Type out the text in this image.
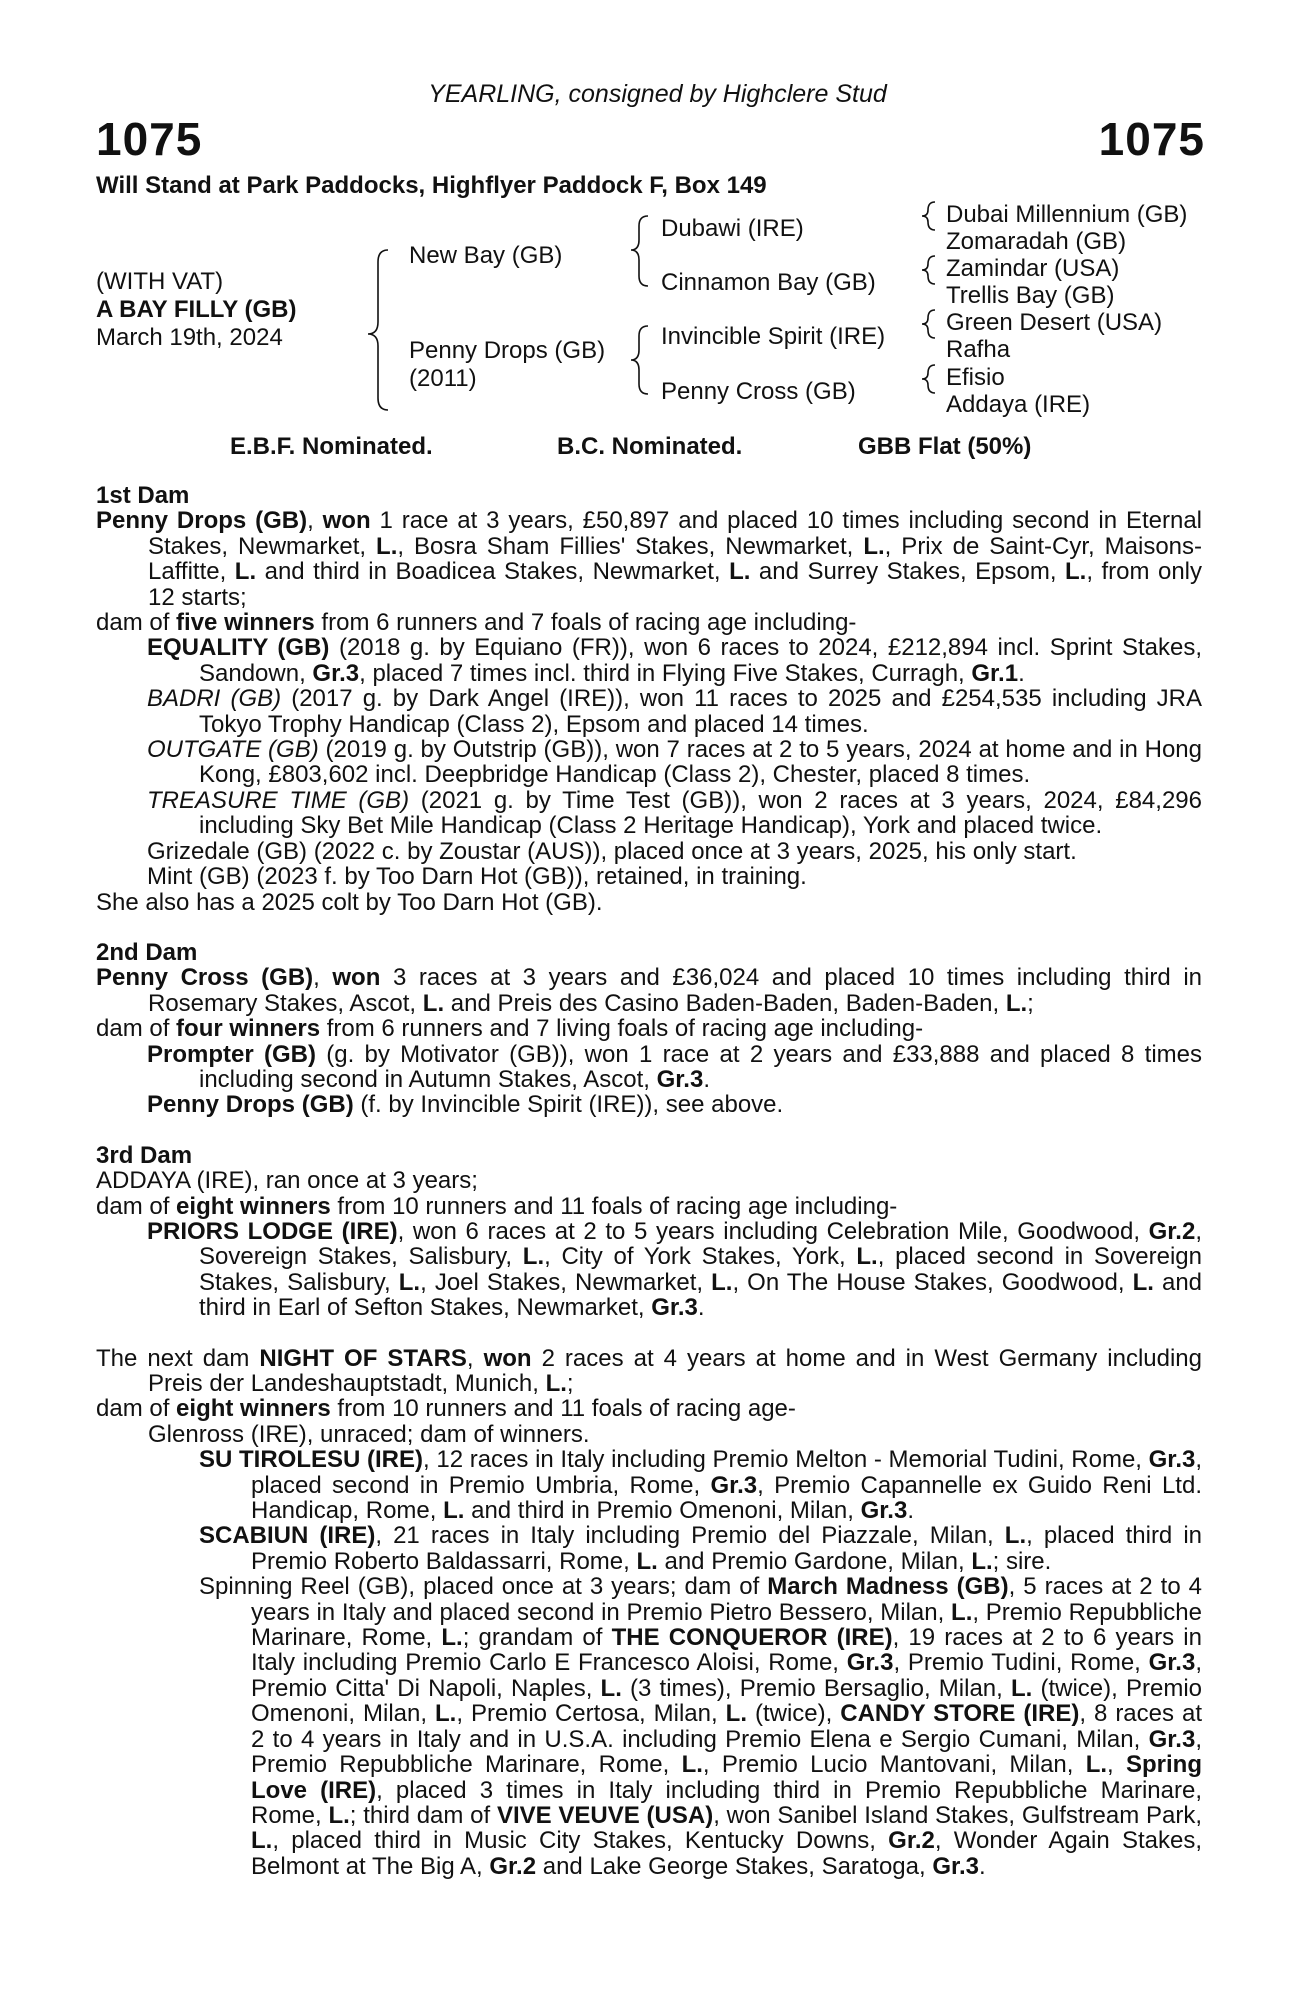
YEARLING, consigned by Highclere Stud
1075	1075
Will Stand at Park Paddocks, Highflyer Paddock F, Box 149
(WITH VAT)
A BAY FILLY (GB)
March 19th, 2024
New Bay (GB)
Penny Drops (GB)
(2011)
Dubawi (IRE)
Cinnamon Bay (GB)
Invincible Spirit (IRE)
Penny Cross (GB)
Dubai Millennium (GB)
Zomaradah (GB)
Zamindar (USA)
Trellis Bay (GB)
Green Desert (USA)
Rafha
Efisio
Addaya (IRE)
E.B.F. Nominated.	B.C. Nominated.	GBB Flat (50%)

1st Dam

Penny Drops (GB), won 1 race at 3 years, £50,897 and placed 10 times including second in Eternal Stakes, Newmarket, L., Bosra Sham Fillies' Stakes, Newmarket, L., Prix de Saint-Cyr, Maisons-Laffitte, L. and third in Boadicea Stakes, Newmarket, L. and Surrey Stakes, Epsom, L., from only 12 starts;

dam of five winners from 6 runners and 7 foals of racing age including-

EQUALITY (GB) (2018 g. by Equiano (FR)), won 6 races to 2024, £212,894 incl. Sprint Stakes, Sandown, Gr.3, placed 7 times incl. third in Flying Five Stakes, Curragh, Gr.1.

BADRI (GB) (2017 g. by Dark Angel (IRE)), won 11 races to 2025 and £254,535 including JRA Tokyo Trophy Handicap (Class 2), Epsom and placed 14 times.

OUTGATE (GB) (2019 g. by Outstrip (GB)), won 7 races at 2 to 5 years, 2024 at home and in Hong Kong, £803,602 incl. Deepbridge Handicap (Class 2), Chester, placed 8 times.

TREASURE TIME (GB) (2021 g. by Time Test (GB)), won 2 races at 3 years, 2024, £84,296 including Sky Bet Mile Handicap (Class 2 Heritage Handicap), York and placed twice.

Grizedale (GB) (2022 c. by Zoustar (AUS)), placed once at 3 years, 2025, his only start.

Mint (GB) (2023 f. by Too Darn Hot (GB)), retained, in training.

She also has a 2025 colt by Too Darn Hot (GB).

2nd Dam

Penny Cross (GB), won 3 races at 3 years and £36,024 and placed 10 times including third in Rosemary Stakes, Ascot, L. and Preis des Casino Baden-Baden, Baden-Baden, L.;

dam of four winners from 6 runners and 7 living foals of racing age including-

Prompter (GB) (g. by Motivator (GB)), won 1 race at 2 years and £33,888 and placed 8 times including second in Autumn Stakes, Ascot, Gr.3.

Penny Drops (GB) (f. by Invincible Spirit (IRE)), see above.

3rd Dam

ADDAYA (IRE), ran once at 3 years;

dam of eight winners from 10 runners and 11 foals of racing age including-

PRIORS LODGE (IRE), won 6 races at 2 to 5 years including Celebration Mile, Goodwood, Gr.2, Sovereign Stakes, Salisbury, L., City of York Stakes, York, L., placed second in Sovereign Stakes, Salisbury, L., Joel Stakes, Newmarket, L., On The House Stakes, Goodwood, L. and third in Earl of Sefton Stakes, Newmarket, Gr.3.

The next dam NIGHT OF STARS, won 2 races at 4 years at home and in West Germany including Preis der Landeshauptstadt, Munich, L.;

dam of eight winners from 10 runners and 11 foals of racing age-

Glenross (IRE), unraced; dam of winners.

SU TIROLESU (IRE), 12 races in Italy including Premio Melton - Memorial Tudini, Rome, Gr.3, placed second in Premio Umbria, Rome, Gr.3, Premio Capannelle ex Guido Reni Ltd. Handicap, Rome, L. and third in Premio Omenoni, Milan, Gr.3.

SCABIUN (IRE), 21 races in Italy including Premio del Piazzale, Milan, L., placed third in Premio Roberto Baldassarri, Rome, L. and Premio Gardone, Milan, L.; sire.

Spinning Reel (GB), placed once at 3 years; dam of March Madness (GB), 5 races at 2 to 4 years in Italy and placed second in Premio Pietro Bessero, Milan, L., Premio Repubbliche Marinare, Rome, L.; grandam of THE CONQUEROR (IRE), 19 races at 2 to 6 years in Italy including Premio Carlo E Francesco Aloisi, Rome, Gr.3, Premio Tudini, Rome, Gr.3, Premio Citta' Di Napoli, Naples, L. (3 times), Premio Bersaglio, Milan, L. (twice), Premio Omenoni, Milan, L., Premio Certosa, Milan, L. (twice), CANDY STORE (IRE), 8 races at 2 to 4 years in Italy and in U.S.A. including Premio Elena e Sergio Cumani, Milan, Gr.3, Premio Repubbliche Marinare, Rome, L., Premio Lucio Mantovani, Milan, L., Spring Love (IRE), placed 3 times in Italy including third in Premio Repubbliche Marinare, Rome, L.; third dam of VIVE VEUVE (USA), won Sanibel Island Stakes, Gulfstream Park, L., placed third in Music City Stakes, Kentucky Downs, Gr.2, Wonder Again Stakes, Belmont at The Big A, Gr.2 and Lake George Stakes, Saratoga, Gr.3.
